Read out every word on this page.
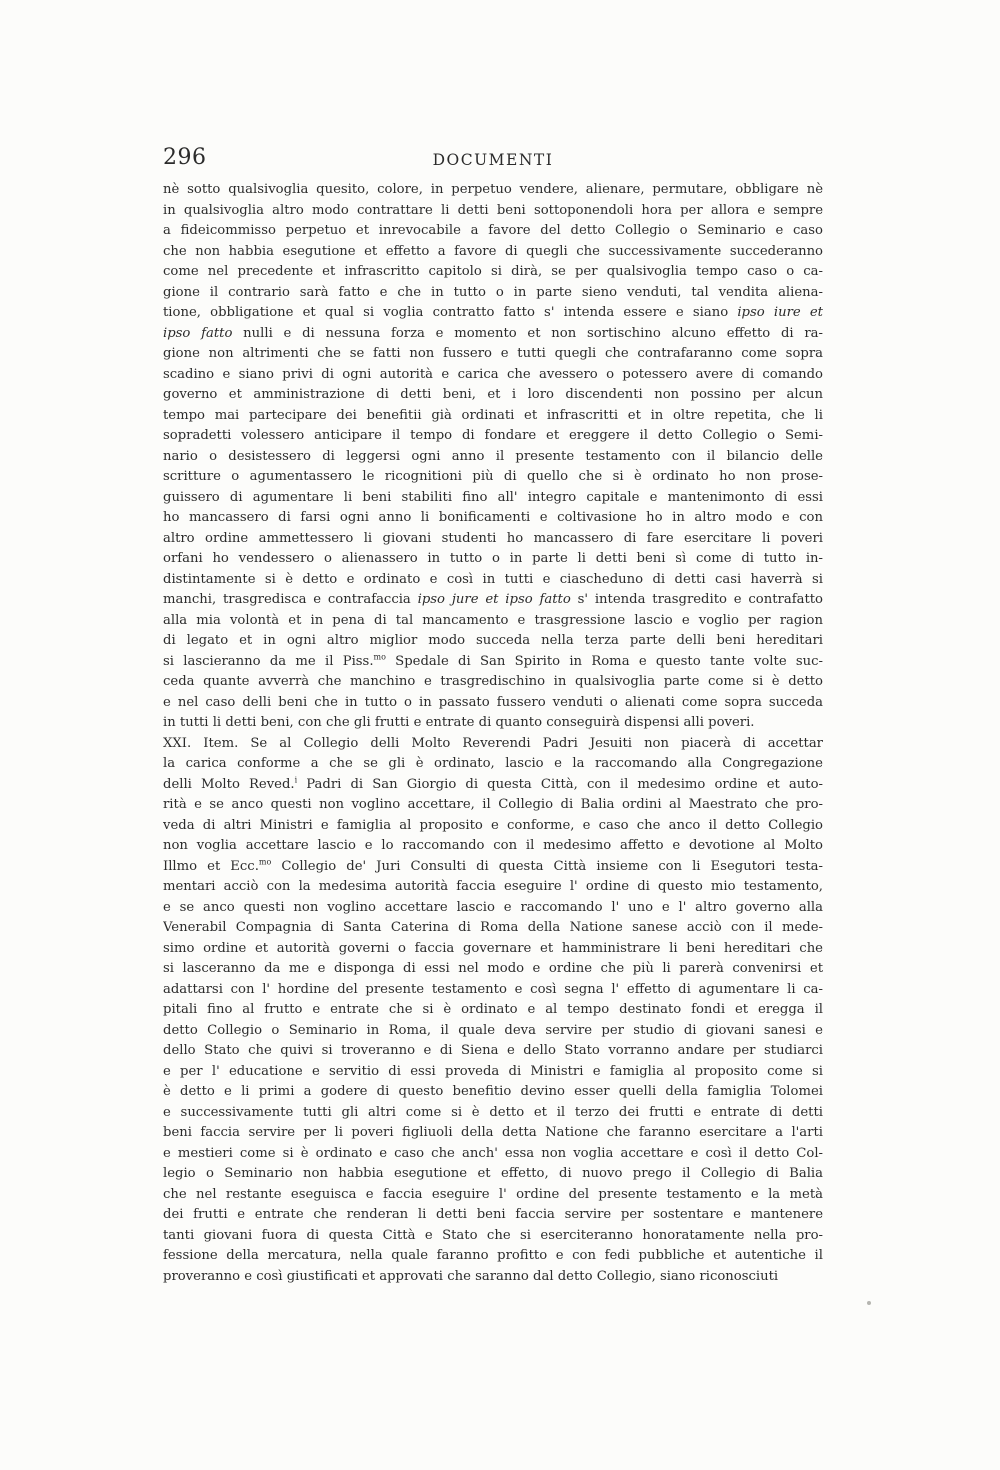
296	DOCUMENTI
nè sotto qualsivoglia quesito, colore, in perpetuo vendere, alienare, permutare, obbligare nè
in qualsivoglia altro modo contrattare li detti beni sottoponendoli hora per allora e sempre
a fideicommisso perpetuo et inrevocabile a favore del detto Collegio o Seminario e caso
che non habbia esegutione et effetto a favore di quegli che successivamente succederanno
come nel precedente et infrascritto capitolo si dirà, se per qualsivoglia tempo caso o ca-
gione il contrario sarà fatto e che in tutto o in parte sieno venduti, tal vendita aliena-
tione, obbligatione et qual si voglia contratto fatto s' intenda essere e siano ipso iure et
ipso fatto nulli e di nessuna forza e momento et non sortischino alcuno effetto di ra-
gione non altrimenti che se fatti non fussero e tutti quegli che contrafaranno come sopra
scadino e siano privi di ogni autorità e carica che avessero o potessero avere di comando
governo et amministrazione di detti beni, et i loro discendenti non possino per alcun
tempo mai partecipare dei benefitii già ordinati et infrascritti et in oltre repetita, che li
sopradetti volessero anticipare il tempo di fondare et ereggere il detto Collegio o Semi-
nario o desistessero di leggersi ogni anno il presente testamento con il bilancio delle
scritture o agumentassero le ricognitioni più di quello che si è ordinato ho non prose-
guissero di agumentare li beni stabiliti fino all' integro capitale e mantenimonto di essi
ho mancassero di farsi ogni anno li bonificamenti e coltivasione ho in altro modo e con
altro ordine ammettessero li giovani studenti ho mancassero di fare esercitare li poveri
orfani ho vendessero o alienassero in tutto o in parte li detti beni sì come di tutto in-
distintamente si è detto e ordinato e così in tutti e ciascheduno di detti casi haverrà si
manchi, trasgredisca e contrafaccia ipso jure et ipso fatto s' intenda trasgredito e contrafatto
alla mia volontà et in pena di tal mancamento e trasgressione lascio e voglio per ragion
di legato et in ogni altro miglior modo succeda nella terza parte delli beni hereditari
si lascieranno da me il Piss.$^{mo}$ Spedale di San Spirito in Roma e questo tante volte suc-
ceda quante avverrà che manchino e trasgredischino in qualsivoglia parte come si è detto
e nel caso delli beni che in tutto o in passato fussero venduti o alienati come sopra succeda
in tutti li detti beni, con che gli frutti e entrate di quanto conseguirà dispensi alli poveri.
XXI. Item. Se al Collegio delli Molto Reverendi Padri Jesuiti non piacerà di accettar
la carica conforme a che se gli è ordinato, lascio e la raccomando alla Congregazione
delli Molto Reved.$^i$ Padri di San Giorgio di questa Città, con il medesimo ordine et auto-
rità e se anco questi non voglino accettare, il Collegio di Balia ordini al Maestrato che pro-
veda di altri Ministri e famiglia al proposito e conforme, e caso che anco il detto Collegio
non voglia accettare lascio e lo raccomando con il medesimo affetto e devotione al Molto
Illmo et Ecc.$^{mo}$ Collegio de' Juri Consulti di questa Città insieme con li Esegutori testa-
mentari acciò con la medesima autorità faccia eseguire l' ordine di questo mio testamento,
e se anco questi non voglino accettare lascio e raccomando l' uno e l' altro governo alla
Venerabil Compagnia di Santa Caterina di Roma della Natione sanese acciò con il mede-
simo ordine et autorità governi o faccia governare et hamministrare li beni hereditari che
si lasceranno da me e disponga di essi nel modo e ordine che più li parerà convenirsi et
adattarsi con l' hordine del presente testamento e così segna l' effetto di agumentare li ca-
pitali fino al frutto e entrate che si è ordinato e al tempo destinato fondi et eregga il
detto Collegio o Seminario in Roma, il quale deva servire per studio di giovani sanesi e
dello Stato che quivi si troveranno e di Siena e dello Stato vorranno andare per studiarci
e per l' educatione e servitio di essi proveda di Ministri e famiglia al proposito come si
è detto e li primi a godere di questo benefitio devino esser quelli della famiglia Tolomei
e successivamente tutti gli altri come si è detto et il terzo dei frutti e entrate di detti
beni faccia servire per li poveri figliuoli della detta Natione che faranno esercitare a l'arti
e mestieri come si è ordinato e caso che anch' essa non voglia accettare e così il detto Col-
legio o Seminario non habbia esegutione et effetto, di nuovo prego il Collegio di Balia
che nel restante eseguisca e faccia eseguire l' ordine del presente testamento e la metà
dei frutti e entrate che renderan li detti beni faccia servire per sostentare e mantenere
tanti giovani fuora di questa Città e Stato che si eserciteranno honoratamente nella pro-
fessione della mercatura, nella quale faranno profitto e con fedi pubbliche et autentiche il
proveranno e così giustificati et approvati che saranno dal detto Collegio, siano riconosciuti
